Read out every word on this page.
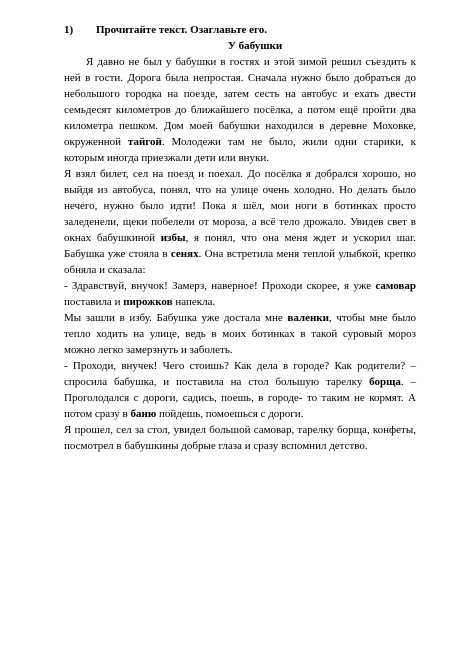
1)	Прочитайте текст. Озаглавьте его.
У бабушки

Я давно не был у бабушки в гостях и этой зимой решил съездить к ней в гости. Дорога была непростая. Сначала нужно было добраться до небольшого городка на поезде, затем сесть на автобус и ехать двести семьдесят километров до ближайшего посёлка, а потом ещё пройти два километра пешком. Дом моей бабушки находился в деревне Моховке, окруженной тайгой. Молодежи там не было, жили одни старики, к которым иногда приезжали дети или внуки.

Я взял билет, сел на поезд и поехал. До посёлка я добрался хорошо, но выйдя из автобуса, понял, что на улице очень холодно. Но делать было нечего, нужно было идти! Пока я шёл, мои ноги в ботинках просто заледенели, щеки побелели от мороза, а всё тело дрожало. Увидев свет в окнах бабушкиной избы, я понял, что она меня ждет и ускорил шаг. Бабушка уже стояла в сенях. Она встретила меня теплой улыбкой, крепко обняла и сказала:

- Здравствуй, внучок! Замерз, наверное! Проходи скорее, я уже самовар поставила и пирожков напекла.

Мы зашли в избу. Бабушка уже достала мне валенки, чтобы мне было тепло ходить на улице, ведь в моих ботинках в такой суровый мороз можно легко замерзнуть и заболеть.

- Проходи, внучек! Чего стоишь? Как дела в городе? Как родители? – спросила бабушка, и поставила на стол большую тарелку борща. – Проголодался с дороги, садись, поешь, в городе- то таким не кормят. А потом сразу в баню пойдешь, помоешься с дороги.

Я прошел, сел за стол, увидел большой самовар, тарелку борща, конфеты, посмотрел в бабушкины добрые глаза и сразу вспомнил детство.
